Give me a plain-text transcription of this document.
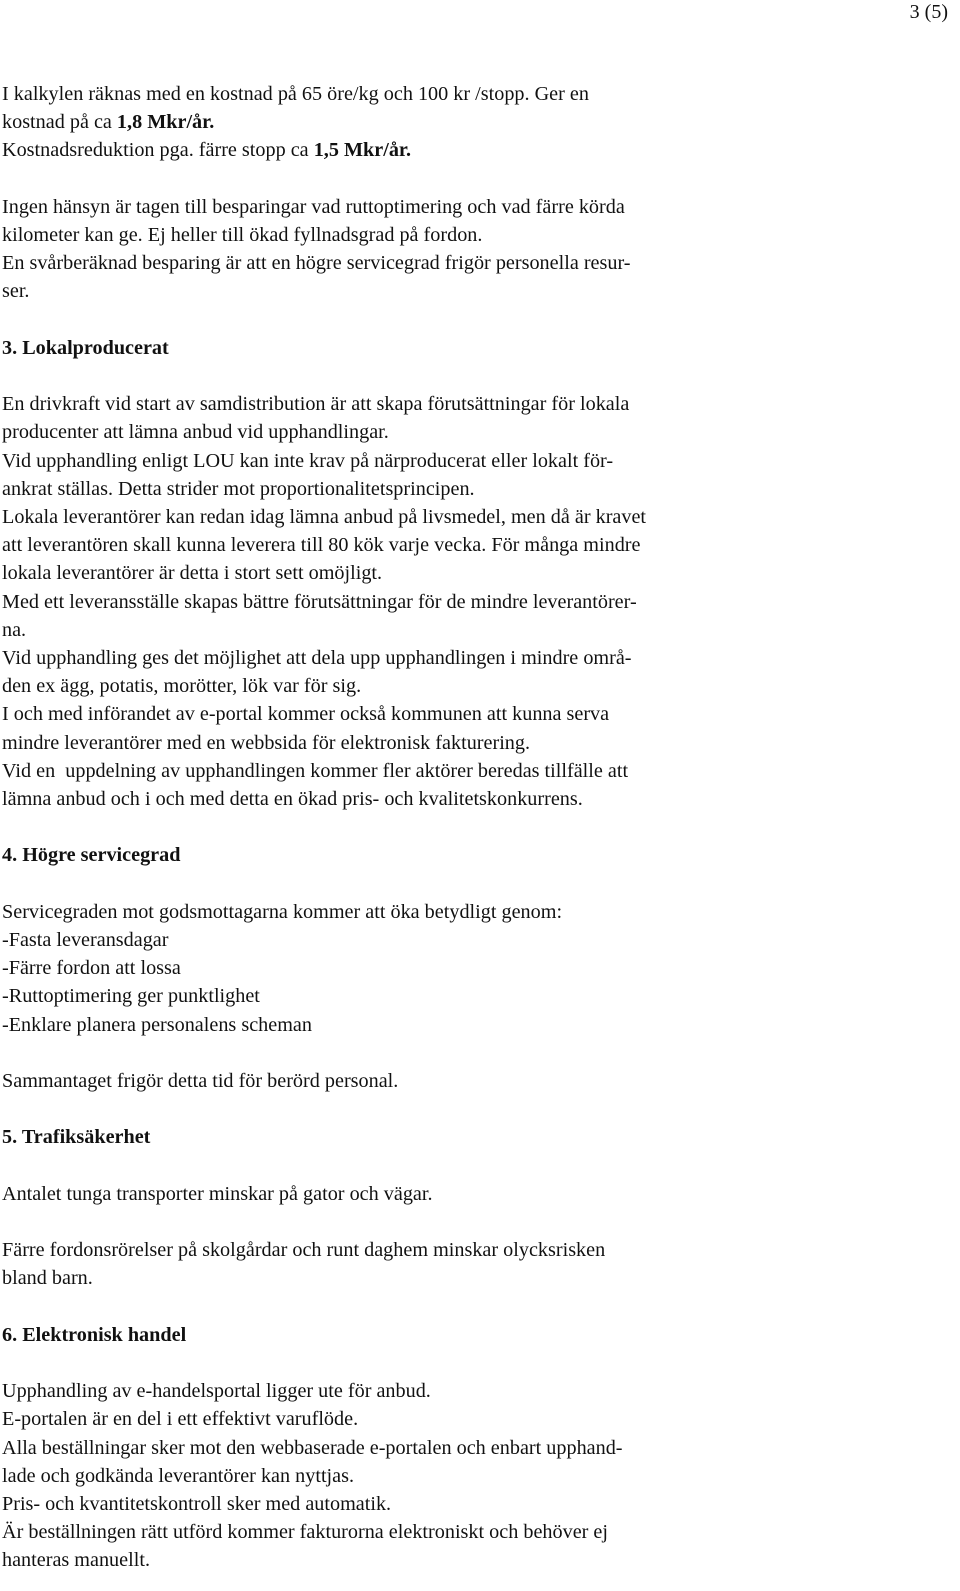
3 (5)
I kalkylen räknas med en kostnad på 65 öre/kg och 100 kr /stopp. Ger en
kostnad på ca 1,8 Mkr/år.
Kostnadsreduktion pga. färre stopp ca 1,5 Mkr/år.
Ingen hänsyn är tagen till besparingar vad ruttoptimering och vad färre körda
kilometer kan ge. Ej heller till ökad fyllnadsgrad på fordon.
En svårberäknad besparing är att en högre servicegrad frigör personella resur-
ser.
3. Lokalproducerat
En drivkraft vid start av samdistribution är att skapa förutsättningar för lokala
producenter att lämna anbud vid upphandlingar.
Vid upphandling enligt LOU kan inte krav på närproducerat eller lokalt för-
ankrat ställas. Detta strider mot proportionalitetsprincipen.
Lokala leverantörer kan redan idag lämna anbud på livsmedel, men då är kravet
att leverantören skall kunna leverera till 80 kök varje vecka. För många mindre
lokala leverantörer är detta i stort sett omöjligt.
Med ett leveransställe skapas bättre förutsättningar för de mindre leverantörer-
na.
Vid upphandling ges det möjlighet att dela upp upphandlingen i mindre områ-
den ex ägg, potatis, morötter, lök var för sig.
I och med införandet av e-portal kommer också kommunen att kunna serva
mindre leverantörer med en webbsida för elektronisk fakturering.
Vid en  uppdelning av upphandlingen kommer fler aktörer beredas tillfälle att
lämna anbud och i och med detta en ökad pris- och kvalitetskonkurrens.
4. Högre servicegrad
Servicegraden mot godsmottagarna kommer att öka betydligt genom:
-Fasta leveransdagar
-Färre fordon att lossa
-Ruttoptimering ger punktlighet
-Enklare planera personalens scheman
Sammantaget frigör detta tid för berörd personal.
5. Trafiksäkerhet
Antalet tunga transporter minskar på gator och vägar.
Färre fordonsrörelser på skolgårdar och runt daghem minskar olycksrisken
bland barn.
6. Elektronisk handel
Upphandling av e-handelsportal ligger ute för anbud.
E-portalen är en del i ett effektivt varuflöde.
Alla beställningar sker mot den webbaserade e-portalen och enbart upphand-
lade och godkända leverantörer kan nyttjas.
Pris- och kvantitetskontroll sker med automatik.
Är beställningen rätt utförd kommer fakturorna elektroniskt och behöver ej
hanteras manuellt.
